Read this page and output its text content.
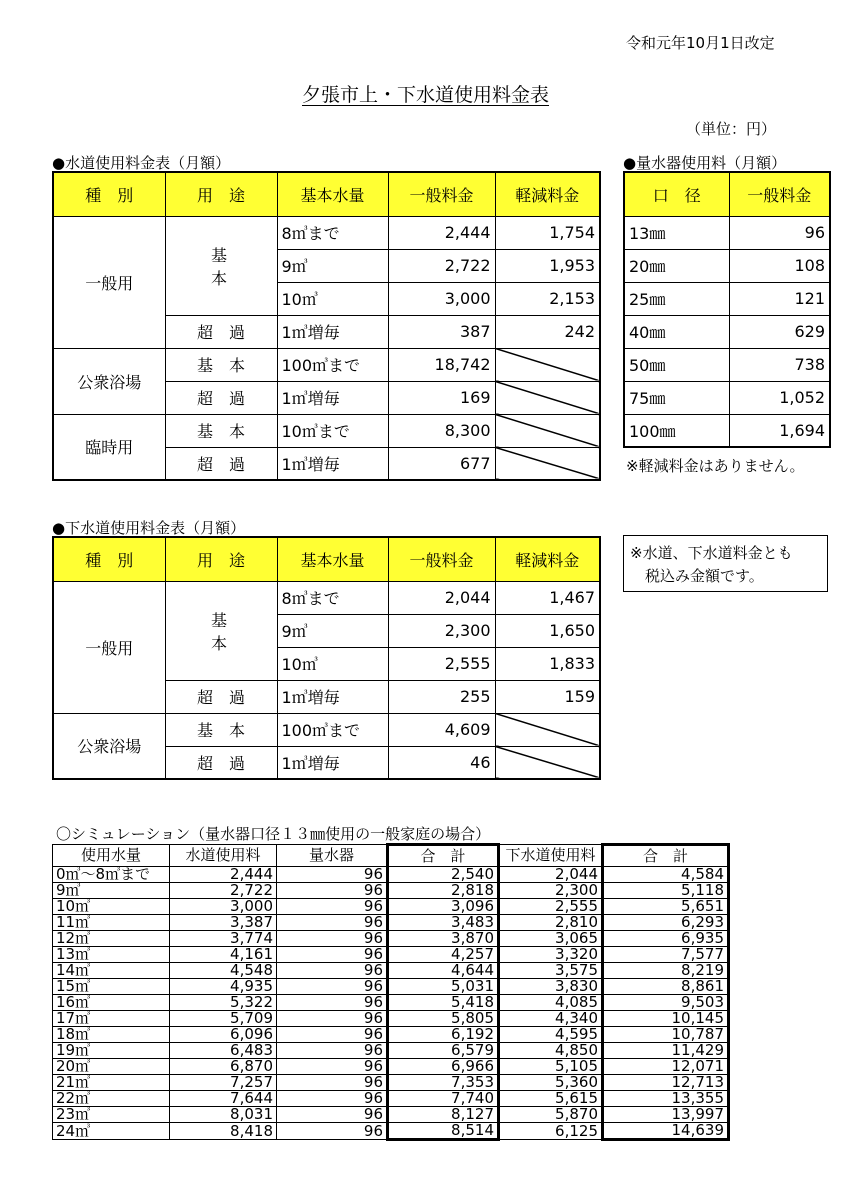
令和元年10月1日改定
夕張市上・下水道使用料金表
（単位：円）
●水道使用料金表（月額）
種　別	用　途	基本水量	一般料金	軽減料金
一般用	基　本	8㎥まで	2,444	1,754
		9㎥	2,722	1,953
		10㎥	3,000	2,153
	超　過	1㎥増毎	387	242
公衆浴場	基　本	100㎥まで	18,742	
	超　過	1㎥増毎	169	
臨時用	基　本	10㎥まで	8,300	
	超　過	1㎥増毎	677	
●量水器使用料（月額）
口　径	一般料金
13㎜	96
20㎜	108
25㎜	121
40㎜	629
50㎜	738
75㎜	1,052
100㎜	1,694
※軽減料金はありません。
●下水道使用料金表（月額）
種　別	用　途	基本水量	一般料金	軽減料金
一般用	基　本	8㎥まで	2,044	1,467
		9㎥	2,300	1,650
		10㎥	2,555	1,833
	超　過	1㎥増毎	255	159
公衆浴場	基　本	100㎥まで	4,609	
	超　過	1㎥増毎	46	
※水道、下水道料金とも
　税込み金額です。
〇シミュレーション（量水器口径１３㎜使用の一般家庭の場合）
使用水量	水道使用料	量水器	合　計	下水道使用料	合　計
0㎥～8㎥まで	2,444	96	2,540	2,044	4,584
9㎥	2,722	96	2,818	2,300	5,118
10㎥	3,000	96	3,096	2,555	5,651
11㎥	3,387	96	3,483	2,810	6,293
12㎥	3,774	96	3,870	3,065	6,935
13㎥	4,161	96	4,257	3,320	7,577
14㎥	4,548	96	4,644	3,575	8,219
15㎥	4,935	96	5,031	3,830	8,861
16㎥	5,322	96	5,418	4,085	9,503
17㎥	5,709	96	5,805	4,340	10,145
18㎥	6,096	96	6,192	4,595	10,787
19㎥	6,483	96	6,579	4,850	11,429
20㎥	6,870	96	6,966	5,105	12,071
21㎥	7,257	96	7,353	5,360	12,713
22㎥	7,644	96	7,740	5,615	13,355
23㎥	8,031	96	8,127	5,870	13,997
24㎥	8,418	96	8,514	6,125	14,639
